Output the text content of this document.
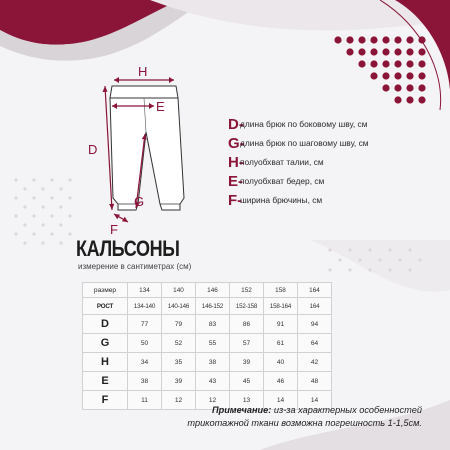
H
E
D
G
F
D-
длина брюк по боковому шву, см
G-
длина брюк по шаговому шву, см
H-
полуобхват талии, см
E-
полуобхват бедер, см
F-
ширина брючины, см
КАЛЬСОНЫ
измерение в сантиметрах (см)
размер	134	140	146	152	158	164
РОСТ	134-140	140-146	146-152	152-158	158-164	164
D	77	79	83	86	91	94
G	50	52	55	57	61	64
H	34	35	38	39	40	42
E	38	39	43	45	46	48
F	11	12	12	13	14	14
Примечание: из-за характерных особенностей
трикотажной ткани возможна погрешность 1-1,5см.
